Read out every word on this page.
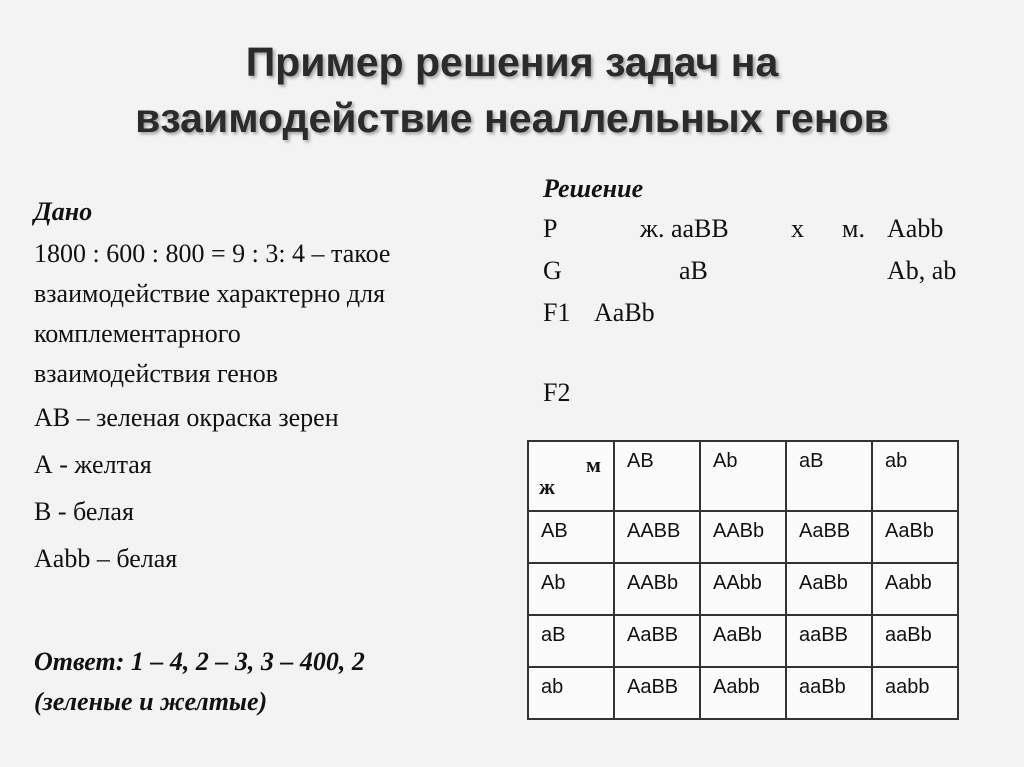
Пример решения задач на
взаимодействие неаллельных генов
Дано
1800 : 600 : 800 = 9 : 3: 4 – такое
взаимодействие характерно для
комплементарного
взаимодействия генов
АВ – зеленая окраска зерен
А - желтая
В - белая
Aabb – белая
Ответ: 1 – 4, 2 – 3, 3 – 400, 2
(зеленые и желтые)
Решение
Р	ж. ааВВ х м. Aabb
G	аВ	Ab, ab
F1 AaBb
F2
м
ж	AB	Ab	aB	ab
AB	AABB	AABb	AaBB	AaBb
Ab	AABb	AAbb	AaBb	Aabb
aB	AaBB	AaBb	aaBB	aaBb
ab	AaBB	Aabb	aaBb	aabb
